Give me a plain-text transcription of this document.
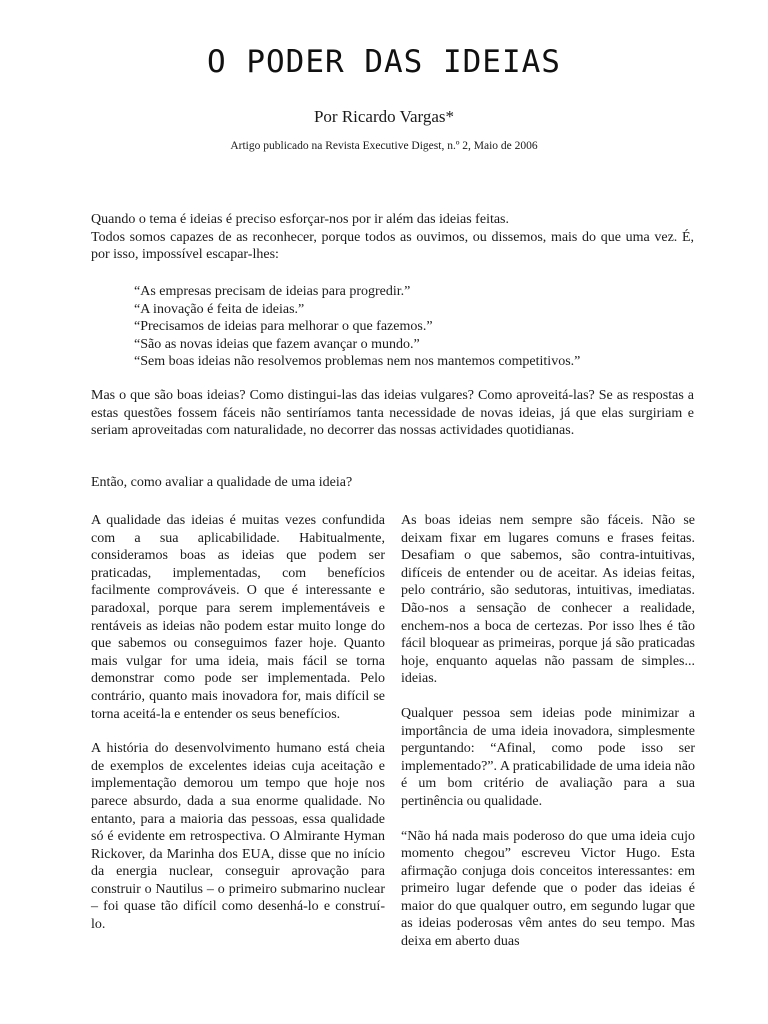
O PODER DAS IDEIAS

Por Ricardo Vargas*

Artigo publicado na Revista Executive Digest, n.º 2, Maio de 2006

Quando o tema é ideias é preciso esforçar-nos por ir além das ideias feitas.
Todos somos capazes de as reconhecer, porque todos as ouvimos, ou dissemos, mais do que uma vez. É, por isso, impossível escapar-lhes:
“As empresas precisam de ideias para progredir.”
“A inovação é feita de ideias.”
“Precisamos de ideias para melhorar o que fazemos.”
“São as novas ideias que fazem avançar o mundo.”
“Sem boas ideias não resolvemos problemas nem nos mantemos competitivos.”

Mas o que são boas ideias? Como distingui-las das ideias vulgares? Como aproveitá-las? Se as respostas a estas questões fossem fáceis não sentiríamos tanta necessidade de novas ideias, já que elas surgiriam e seriam aproveitadas com naturalidade, no decorrer das nossas actividades quotidianas.

Então, como avaliar a qualidade de uma ideia?

A qualidade das ideias é muitas vezes confundida com a sua aplicabilidade. Habitualmente, consideramos boas as ideias que podem ser praticadas, implementadas, com benefícios facilmente comprováveis. O que é interessante e paradoxal, porque para serem implementáveis e rentáveis as ideias não podem estar muito longe do que sabemos ou conseguimos fazer hoje. Quanto mais vulgar for uma ideia, mais fácil se torna demonstrar como pode ser implementada. Pelo contrário, quanto mais inovadora for, mais difícil se torna aceitá-la e entender os seus benefícios.

A história do desenvolvimento humano está cheia de exemplos de excelentes ideias cuja aceitação e implementação demorou um tempo que hoje nos parece absurdo, dada a sua enorme qualidade. No entanto, para a maioria das pessoas, essa qualidade só é evidente em retrospectiva. O Almirante Hyman Rickover, da Marinha dos EUA, disse que no início da energia nuclear, conseguir aprovação para construir o Nautilus – o primeiro submarino nuclear – foi quase tão difícil como desenhá-lo e construí-lo.

As boas ideias nem sempre são fáceis. Não se deixam fixar em lugares comuns e frases feitas. Desafiam o que sabemos, são contra-intuitivas, difíceis de entender ou de aceitar. As ideias feitas, pelo contrário, são sedutoras, intuitivas, imediatas. Dão-nos a sensação de conhecer a realidade, enchem-nos a boca de certezas. Por isso lhes é tão fácil bloquear as primeiras, porque já são praticadas hoje, enquanto aquelas não passam de simples... ideias.

Qualquer pessoa sem ideias pode minimizar a importância de uma ideia inovadora, simplesmente perguntando: “Afinal, como pode isso ser implementado?”. A praticabilidade de uma ideia não é um bom critério de avaliação para a sua pertinência ou qualidade.

“Não há nada mais poderoso do que uma ideia cujo momento chegou” escreveu Victor Hugo. Esta afirmação conjuga dois conceitos interessantes: em primeiro lugar defende que o poder das ideias é maior do que qualquer outro, em segundo lugar que as ideias poderosas vêm antes do seu tempo. Mas deixa em aberto duas
